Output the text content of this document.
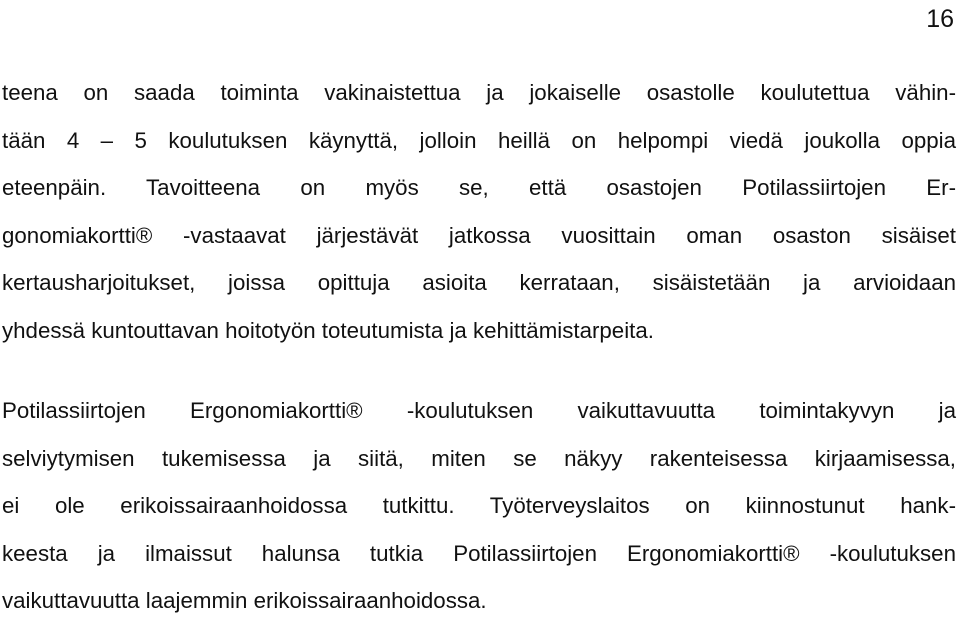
16
teena on saada toiminta vakinaistettua ja jokaiselle osastolle koulutettua vähin-
tään 4 – 5 koulutuksen käynyttä, jolloin heillä on helpompi viedä joukolla oppia
eteenpäin. Tavoitteena on myös se, että osastojen Potilassiirtojen Er-
gonomiakortti® -vastaavat järjestävät jatkossa vuosittain oman osaston sisäiset
kertausharjoitukset, joissa opittuja asioita kerrataan, sisäistetään ja arvioidaan
yhdessä kuntouttavan hoitotyön toteutumista ja kehittämistarpeita.
Potilassiirtojen Ergonomiakortti® -koulutuksen vaikuttavuutta toimintakyvyn ja
selviytymisen tukemisessa ja siitä, miten se näkyy rakenteisessa kirjaamisessa,
ei ole erikoissairaanhoidossa tutkittu. Työterveyslaitos on kiinnostunut hank-
keesta ja ilmaissut halunsa tutkia Potilassiirtojen Ergonomiakortti® -koulutuksen
vaikuttavuutta laajemmin erikoissairaanhoidossa.
